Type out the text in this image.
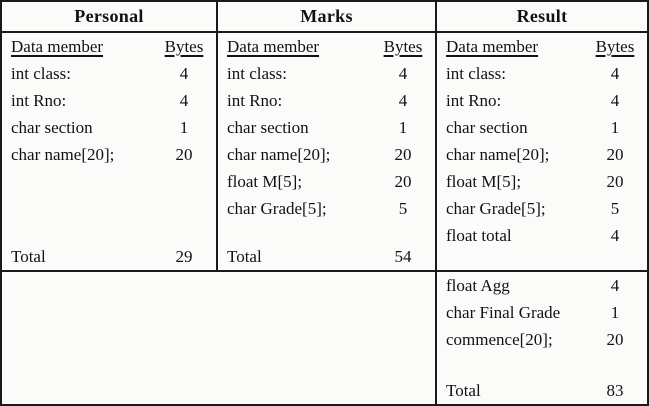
Personal
Data member	Bytes
int class:	4
int Rno:	4
char section	1
char name[20];	20
Total	29
Marks
Data member	Bytes
int class:	4
int Rno:	4
char section	1
char name[20];	20
float M[5];	20
char Grade[5];	5
Total	54
Result
Data member	Bytes
int class:	4
int Rno:	4
char section	1
char name[20];	20
float M[5];	20
char Grade[5];	5
float total	4
float Agg	4
char Final Grade	1
commence[20];	20
Total	83
